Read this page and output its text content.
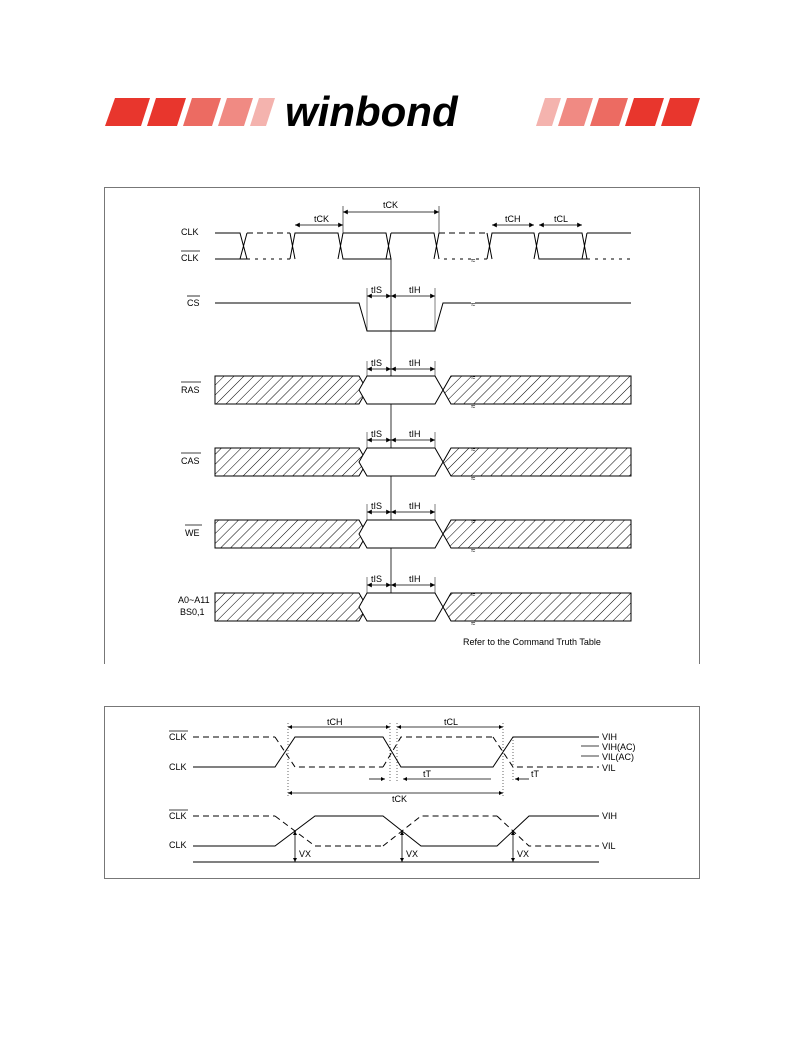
winbond
CLK
CLK
CS
RAS
CAS
WE
A0~A11
BS0,1
≈
tCK
tCK	tCH	tCL
≈
tIS	tIH
tIS	tIH
tIS	tIH
tIS	tIH
tIS	tIH
≈
≈
≈
≈
≈
≈
≈
≈
Refer to the Command Truth Table
CLK
CLK
CLK
CLK
VIH
VIH(AC)
VIL(AC)
VIL
tCH	tCL
tT	tT
tCK
VIH
VIL
VX	VX	VX
